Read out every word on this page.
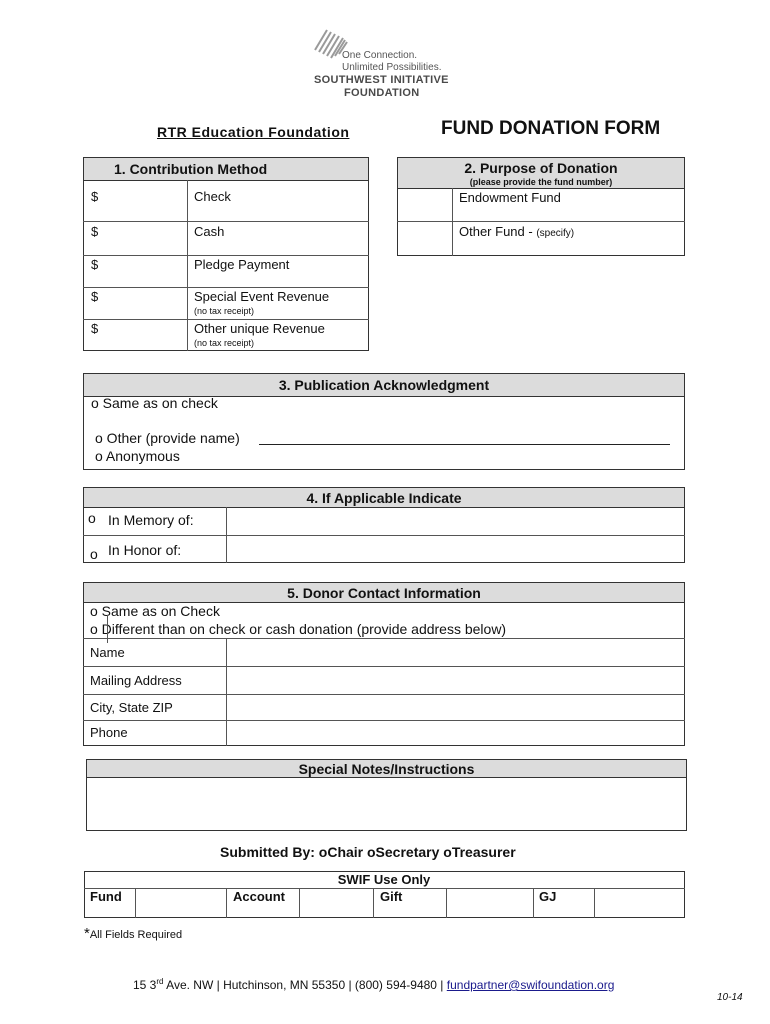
One Connection.
Unlimited Possibilities.
SOUTHWEST INITIATIVE
FOUNDATION
RTR Education Foundation	FUND DONATION FORM
1. Contribution Method
$	Check
$	Cash
$	Pledge Payment
$	Special Event Revenue
(no tax receipt)
$	Other unique Revenue
(no tax receipt)
2. Purpose of Donation
(please provide the fund number)
Endowment Fund
Other Fund - (specify)
3. Publication Acknowledgment
o Same as on check
o Other (provide name)
o Anonymous
4. If Applicable Indicate
o In Memory of:
o In Honor of:
5. Donor Contact Information
o Same as on Check
o Different than on check or cash donation (provide address below)
Name
Mailing Address
City, State ZIP
Phone
Special Notes/Instructions
Submitted By: oChair oSecretary oTreasurer
SWIF Use Only
Fund	Account	Gift	GJ
*All Fields Required
15 3rd Ave. NW | Hutchinson, MN 55350 | (800) 594-9480 | fundpartner@swifoundation.org
10-14
